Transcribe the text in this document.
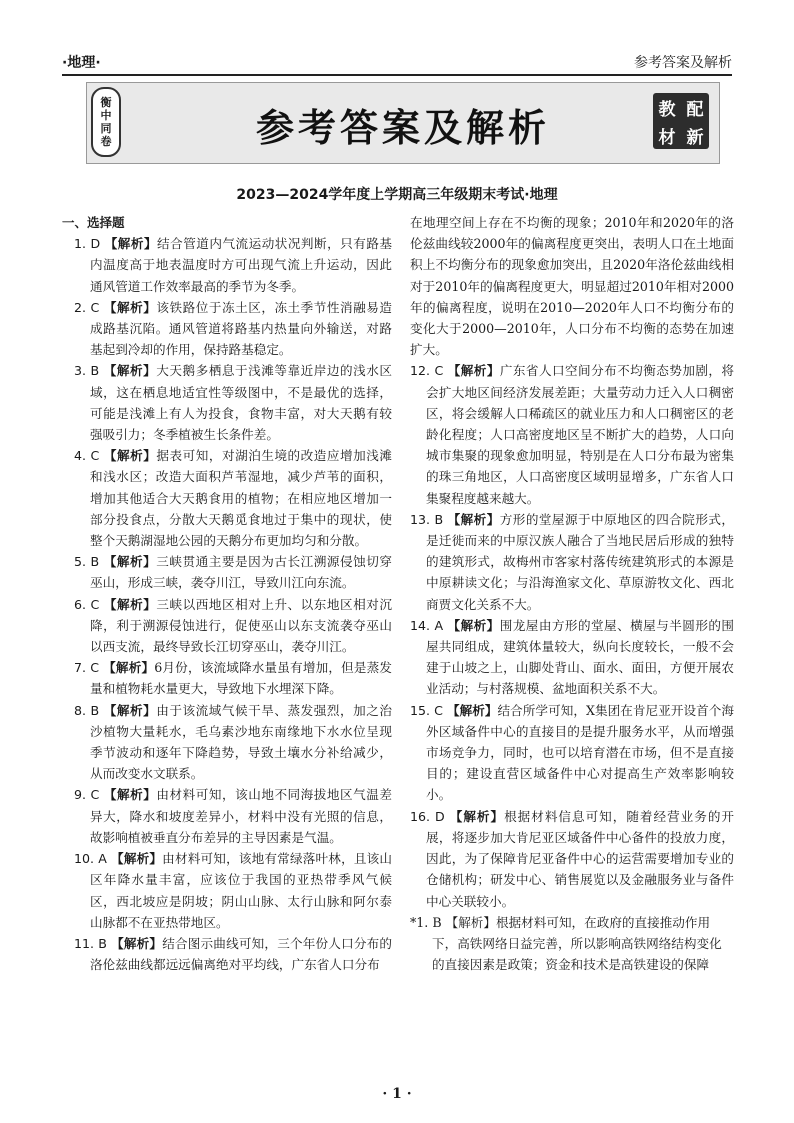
·地理·	参考答案及解析
衡
中
同
卷	参考答案及解析	教 配
材 新
2023—2024学年度上学期高三年级期末考试·地理
一、选择题
1. D 【解析】结合管道内气流运动状况判断，只有路基内温度高于地表温度时方可出现气流上升运动，因此通风管道工作效率最高的季节为冬季。
2. C 【解析】该铁路位于冻土区，冻土季节性消融易造成路基沉陷。通风管道将路基内热量向外输送，对路基起到冷却的作用，保持路基稳定。
3. B 【解析】大天鹅多栖息于浅滩等靠近岸边的浅水区域，这在栖息地适宜性等级图中，不是最优的选择，可能是浅滩上有人为投食，食物丰富，对大天鹅有较强吸引力；冬季植被生长条件差。
4. C 【解析】据表可知，对湖泊生境的改造应增加浅滩和浅水区；改造大面积芦苇湿地，减少芦苇的面积，增加其他适合大天鹅食用的植物；在相应地区增加一部分投食点，分散大天鹅觅食地过于集中的现状，使整个天鹅湖湿地公园的天鹅分布更加均匀和分散。
5. B 【解析】三峡贯通主要是因为古长江溯源侵蚀切穿巫山，形成三峡，袭夺川江，导致川江向东流。
6. C 【解析】三峡以西地区相对上升、以东地区相对沉降，利于溯源侵蚀进行，促使巫山以东支流袭夺巫山以西支流，最终导致长江切穿巫山，袭夺川江。
7. C 【解析】6月份，该流域降水量虽有增加，但是蒸发量和植物耗水量更大，导致地下水埋深下降。
8. B 【解析】由于该流域气候干旱、蒸发强烈，加之治沙植物大量耗水，毛乌素沙地东南缘地下水水位呈现季节波动和逐年下降趋势，导致土壤水分补给减少，从而改变水文联系。
9. C 【解析】由材料可知，该山地不同海拔地区气温差异大，降水和坡度差异小，材料中没有光照的信息，故影响植被垂直分布差异的主导因素是气温。
10. A 【解析】由材料可知，该地有常绿落叶林，且该山区年降水量丰富，应该位于我国的亚热带季风气候区，西北坡应是阴坡；阴山山脉、太行山脉和阿尔泰山脉都不在亚热带地区。
11. B 【解析】结合图示曲线可知，三个年份人口分布的洛伦兹曲线都远远偏离绝对平均线，广东省人口分布
在地理空间上存在不均衡的现象；2010年和2020年的洛伦兹曲线较2000年的偏离程度更突出，表明人口在土地面积上不均衡分布的现象愈加突出，且2020年洛伦兹曲线相对于2010年的偏离程度更大，明显超过2010年相对2000年的偏离程度，说明在2010—2020年人口不均衡分布的变化大于2000—2010年，人口分布不均衡的态势在加速扩大。
12. C 【解析】广东省人口空间分布不均衡态势加剧，将会扩大地区间经济发展差距；大量劳动力迁入人口稠密区，将会缓解人口稀疏区的就业压力和人口稠密区的老龄化程度；人口高密度地区呈不断扩大的趋势，人口向城市集聚的现象愈加明显，特别是在人口分布最为密集的珠三角地区，人口高密度区域明显增多，广东省人口集聚程度越来越大。
13. B 【解析】方形的堂屋源于中原地区的四合院形式，是迁徙而来的中原汉族人融合了当地民居后形成的独特的建筑形式，故梅州市客家村落传统建筑形式的本源是中原耕读文化；与沿海渔家文化、草原游牧文化、西北商贾文化关系不大。
14. A 【解析】围龙屋由方形的堂屋、横屋与半圆形的围屋共同组成，建筑体量较大，纵向长度较长，一般不会建于山坡之上，山脚处背山、面水、面田，方便开展农业活动；与村落规模、盆地面积关系不大。
15. C 【解析】结合所学可知，X集团在肯尼亚开设首个海外区域备件中心的直接目的是提升服务水平，从而增强市场竞争力，同时，也可以培育潜在市场，但不是直接目的；建设直营区域备件中心对提高生产效率影响较小。
16. D 【解析】根据材料信息可知，随着经营业务的开展，将逐步加大肯尼亚区域备件中心备件的投放力度，因此，为了保障肯尼亚备件中心的运营需要增加专业的仓储机构；研发中心、销售展览以及金融服务业与备件中心关联较小。
*1. B 【解析】根据材料可知，在政府的直接推动作用下，高铁网络日益完善，所以影响高铁网络结构变化的直接因素是政策；资金和技术是高铁建设的保障
· 1 ·
